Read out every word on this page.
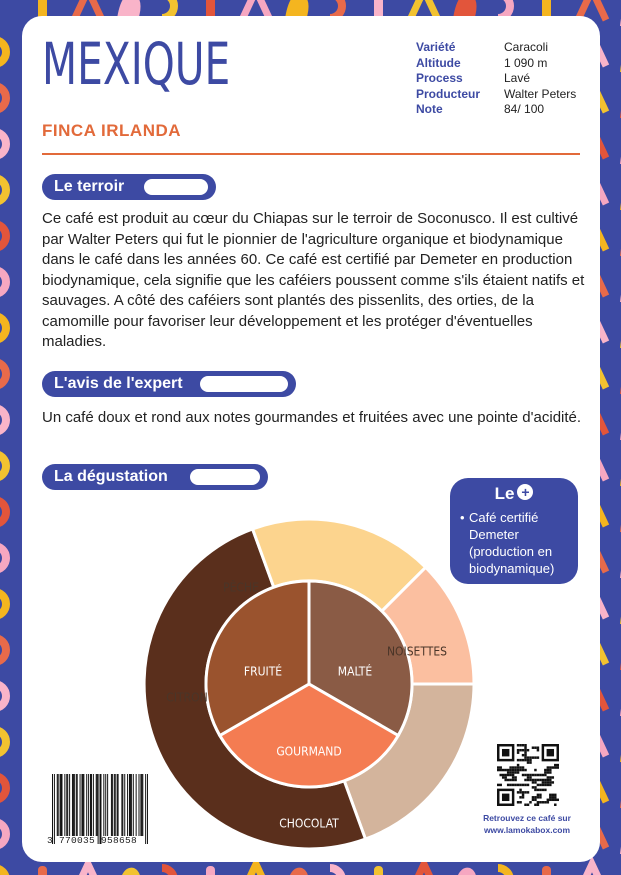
MEXIQUE
FINCA IRLANDA
Variété	Caracoli
Altitude	1 090 m
Process	Lavé
Producteur	Walter Peters
Note	84/ 100
Le terroir

Ce café est produit au cœur du Chiapas sur le terroir de Soconusco. Il est cultivé par Walter Peters qui fut le pionnier de l'agriculture organique et biodynamique dans le café dans les années 60. Ce café est certifié par Demeter en production biodynamique, cela signifie que les caféiers poussent comme s'ils étaient natifs et sauvages. A côté des caféiers sont plantés des pissenlits, des orties, de la camomille pour favoriser leur développement et les protéger d'éventuelles maladies.

L'avis de l'expert

Un café doux et rond aux notes gourmandes et fruitées avec une pointe d'acidité.

La dégustation
Le +
• Café certifié Demeter (production en biodynamique)
NOISETTES
CHOCOLAT
CITRON
PÊCHE
FRUITÉ	MALTÉ
GOURMAND
3 770035 958658
Retrouvez ce café sur
www.lamokabox.com
